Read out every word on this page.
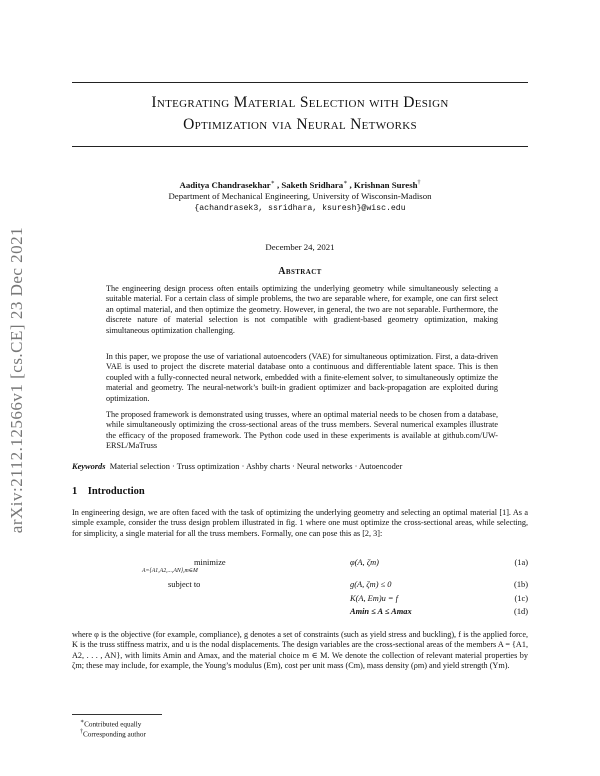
arXiv:2112.12566v1 [cs.CE] 23 Dec 2021
Integrating Material Selection with Design
Optimization via Neural Networks
Aaditya Chandrasekhar∗ , Saketh Sridhara∗ , Krishnan Suresh†
Department of Mechanical Engineering, University of Wisconsin-Madison
{achandrasek3, ssridhara, ksuresh}@wisc.edu
December 24, 2021
Abstract
The engineering design process often entails optimizing the underlying geometry while simultaneously selecting a suitable material. For a certain class of simple problems, the two are separable where, for example, one can first select an optimal material, and then optimize the geometry. However, in general, the two are not separable. Furthermore, the discrete nature of material selection is not compatible with gradient-based geometry optimization, making simultaneous optimization challenging.
In this paper, we propose the use of variational autoencoders (VAE) for simultaneous optimization. First, a data-driven VAE is used to project the discrete material database onto a continuous and differentiable latent space. This is then coupled with a fully-connected neural network, embedded with a finite-element solver, to simultaneously optimize the material and geometry. The neural-network’s built-in gradient optimizer and back-propagation are exploited during optimization.
The proposed framework is demonstrated using trusses, where an optimal material needs to be chosen from a database, while simultaneously optimizing the cross-sectional areas of the truss members. Several numerical examples illustrate the efficacy of the proposed framework. The Python code used in these experiments is available at github.com/UW-ERSL/MaTruss
Keywords Material selection · Truss optimization · Ashby charts · Neural networks · Autoencoder
1 Introduction
In engineering design, we are often faced with the task of optimizing the underlying geometry and selecting an optimal material [1]. As a simple example, consider the truss design problem illustrated in fig. 1 where one must optimize the cross-sectional areas, while selecting, for simplicity, a single material for all the truss members. Formally, one can pose this as [2, 3]:
minimize
A={A1,A2,...,AN},m∈M
subject to
φ(A, ζm)
g(A, ζm) ≤ 0
K(A, Em)u = f
Amin ≤ A ≤ Amax
(1a)
(1b)
(1c)
(1d)
where φ is the objective (for example, compliance), g denotes a set of constraints (such as yield stress and buckling), f is the applied force, K is the truss stiffness matrix, and u is the nodal displacements. The design variables are the cross-sectional areas of the members A = {A1, A2, . . . , AN}, with limits Amin and Amax, and the material choice m ∈ M. We denote the collection of relevant material properties by ζm; these may include, for example, the Young’s modulus (Em), cost per unit mass (Cm), mass density (ρm) and yield strength (Ym).
∗Contributed equally
†Corresponding author
